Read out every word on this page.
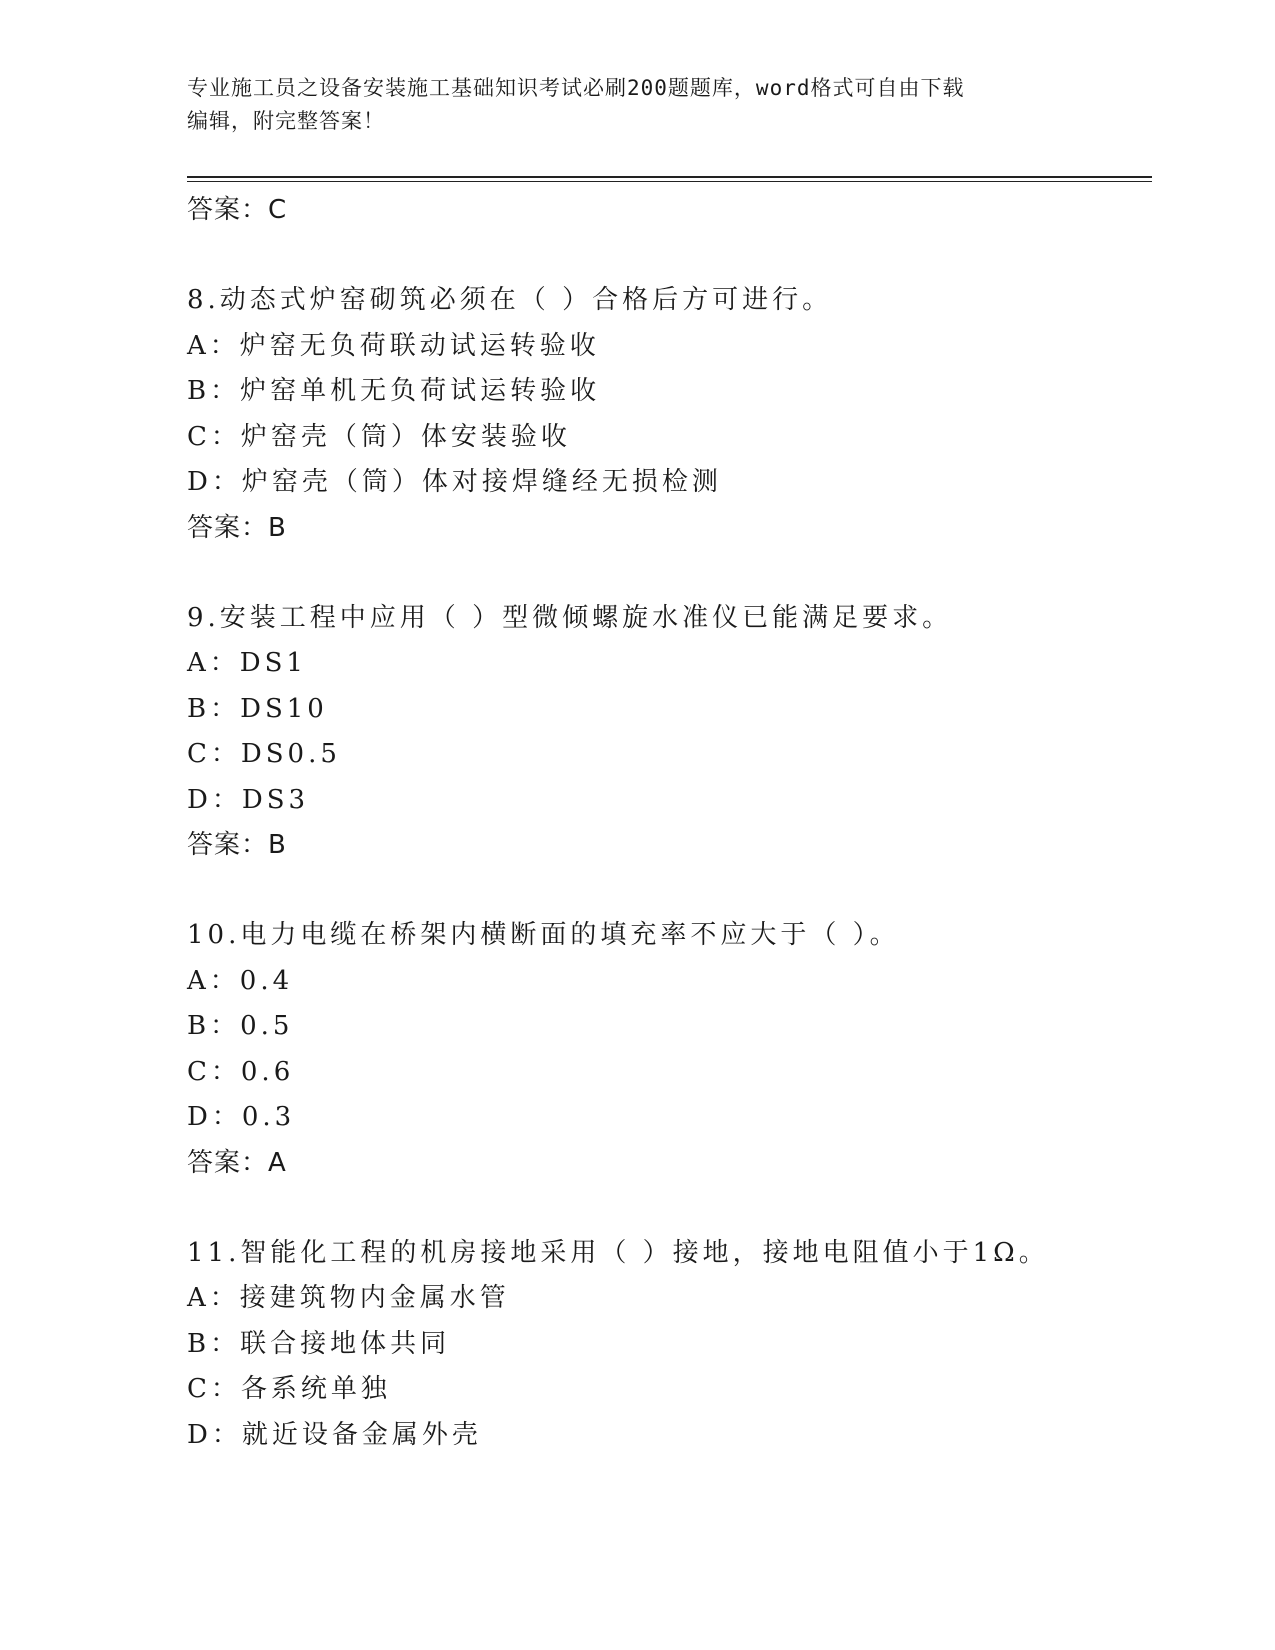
专业施工员之设备安装施工基础知识考试必刷200题题库，word格式可自由下载
编辑，附完整答案！
答案：C
8.动态式炉窑砌筑必须在（ ）合格后方可进行。
A：炉窑无负荷联动试运转验收
B：炉窑单机无负荷试运转验收
C：炉窑壳（筒）体安装验收
D：炉窑壳（筒）体对接焊缝经无损检测
答案：B
9.安装工程中应用（ ）型微倾螺旋水准仪已能满足要求。
A：DS1
B：DS10
C：DS0.5
D：DS3
答案：B
10.电力电缆在桥架内横断面的填充率不应大于（ ）。
A：0.4
B：0.5
C：0.6
D：0.3
答案：A
11.智能化工程的机房接地采用（ ）接地，接地电阻值小于1Ω。
A：接建筑物内金属水管
B：联合接地体共同
C：各系统单独
D：就近设备金属外壳
